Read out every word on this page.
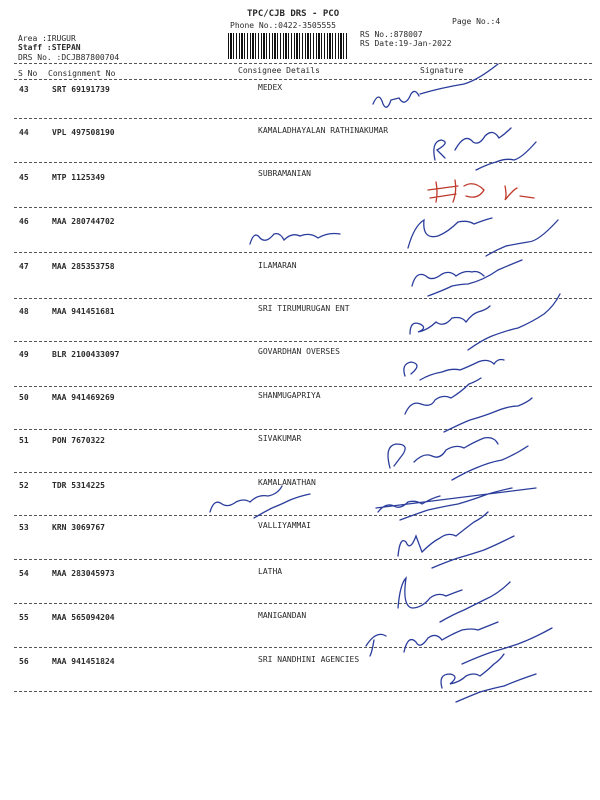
TPC/CJB DRS - PCO
Phone No.:0422-3505555	Page No.:4
Area :IRUGUR
Staff :STEPAN
DRS No. :DCJB87800704
RS No.:878007
RS Date:19-Jan-2022
S No Consignment No	Consignee Details	Signature
43	SRT 69191739	MEDEX
44	VPL 497508190	KAMALADHAYALAN RATHINAKUMAR
45	MTP 1125349	SUBRAMANIAN
46	MAA 280744702
47	MAA 285353758	ILAMARAN
48	MAA 941451681	SRI TIRUMURUGAN ENT
49	BLR 2100433097	GOVARDHAN OVERSES
50	MAA 941469269	SHANMUGAPRIYA
51	PON 7670322	SIVAKUMAR
52	TDR 5314225	KAMALANATHAN
53	KRN 3069767	VALLIYAMMAI
54	MAA 283045973	LATHA
55	MAA 565094204	MANIGANDAN
56	MAA 941451824	SRI NANDHINI AGENCIES
